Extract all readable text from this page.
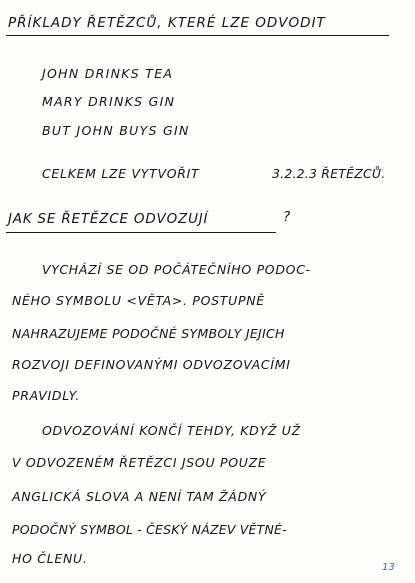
PŘÍKLADY ŘETĚZCŮ, KTERÉ LZE ODVODIT
JOHN DRINKS TEA
MARY DRINKS GIN
BUT JOHN BUYS GIN
CELKEM LZE VYTVOŘIT	3.2.2.3 ŘETĚZCŮ.
JAK SE ŘETĚZCE ODVOZUJÍ	?
VYCHÁZÍ SE OD POČÁTEČNÍHO PODOC-
NÉHO SYMBOLU <VĚTA>. POSTUPNĚ
NAHRAZUJEME PODOČNÉ SYMBOLY JEJICH
ROZVOJI DEFINOVANÝMI ODVOZOVACÍMI
PRAVIDLY.
ODVOZOVÁNÍ KONČÍ TEHDY, KDYŽ UŽ
V ODVOZENÉM ŘETĚZCI JSOU POUZE
ANGLICKÁ SLOVA A NENÍ TAM ŽÁDNÝ
PODOČNÝ SYMBOL - ČESKÝ NÁZEV VĚTNÉ-
HO ČLENU.
13
